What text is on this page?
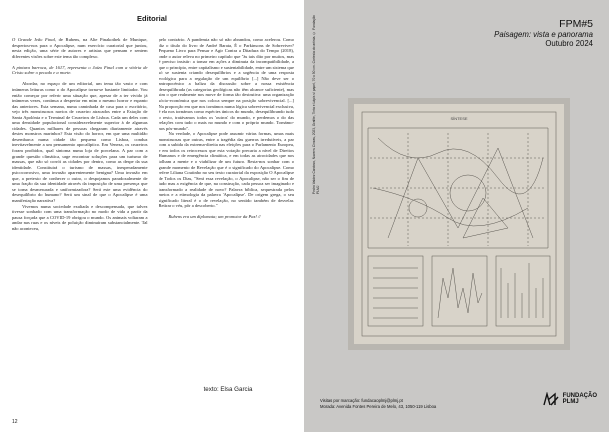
Editorial

O Grande Ivão Final, de Rubens, na Alte Pinakothek de Munique, despertou-nos para o Apocalipse, num exercício curatorial que juntou, nesta edição, uma série de autores e artistas que pensam e sentem diferentes visões sobre este tema tão complexo.

A pintura barroca, de 1617, representa o Juízo Final com a vitória de Cristo sobre o pecado e a morte.

Abordar, no espaço de um editorial, um tema tão vasto e com inúmeras leituras como o do Apocalipse torna-se bastante limitador. Vou então começar por referir uma situação que, apesar de a ter vivido já inúmeras vezes, continua a despertar em mim o mesmo horror e espanto das anteriores. Esta semana, numa caminhada de casa para o escritório, vejo três monstruosos navios de cruzeiro atracados entre a Estação de Santa Apolónia e o Terminal de Cruzeiros de Lisboa. Cada um deles com uma densidade populacional consideravelmente superior à de algumas cidades. Quantos milhares de pessoas chegaram diariamente através destes monstros marinhos? Esta visão do horror, em que uma multidão desembarca numa cidade tão pequena como Lisboa, conduz inevitavelmente a um pensamento apocalíptico. Em Veneza, os cruzeiros foram proibidos, qual sintoma numa loja de porcelana. A par com a grande questão climática, urge encontrar soluções para um turismo de massas, que não só corrói as cidades por dentro, como as despe da sua identidade. Constituirá o turismo de massas, inesperadamente psicocorrosivo, uma invasão aparentemente benigna? Uma invasão em que, a pretexto de conhecer o outro, o despojamos paradoxalmente de uma fração da sua identidade através da imposição de uma presença que se torna desmesurada e uniformizadora? Será este uma evidência do desequilíbrio do humano? Será um sinal de que o Apocalipse é uma manifestação narrativa?

Vivemos numa sociedade exaltada e descompensada, que talvez tivesse sonhado com uma transformação no modo de vida a partir da pausa forçada que a COVID-19 obrigou o mundo. Os animais voltaram a andar nas ruas e os níveis de poluição diminuíram substancialmente. Tal não aconteceu,

pelo contrário. A pandemia não só não abrandou, como acelerou. Como diz o título do livro de André Barata, É o Parkinsons de Sobreviver? Pequeno Livro para Pensar e Agir Contra a Ditadura do Tempo (2018), onde o autor releva no primeiro capítulo que "às tais dito por muitos, mas é preciso insistir: a tomar em ações a diminuta da incompatibilidade, a que o princípio, entre capitalismo e sustentabilidade, entre um sistema que só se sustenta criando desequilíbrios e a urgência de uma resposta ecológica para a regulação de um equilíbrio [...] Não deve ser o antropocénico a baliza da discussão sobre a nossa existência desequilibrada (as categorias geológicas não têm alcance suficiente), mas sim o que realmente nos move de forma tão destrutiva: uma organização sócio-económica que nos coloca sempre na posição sobrevivencial. [...] Na proporção em que nos tornámos numa lógica sobrevivencial exclusiva, é ela nos tornámos como espécies únicos do mundo, desequilibrando tudo o resto, tratávamos todos os 'outros' do mundo, e perdemos o do das relações com tudo o mais no mundo e com o próprio mundo. Tornámo-nos pós-mundo".

Na verdade, o Apocalipse pode assumir várias formas, umas mais monstruosas que outras, entre a tragédia das guerras irredutíveis, a par com a subida da extrema-direita nas eleições para o Parlamento Europeu, e em todos os retrocessos que esta votação precaria a nível de Direitos Humanos e de emergência climática, e em todas as atrocidades que nos tolham a mente e o viabilizar de um futuro. Resta-nos sonhar com o grande momento de Revelação que é o significado do Apocalipse. Como refere Liliana Coutinho no seu texto curatorial da exposição O Apocalipse de Todos os Dias, "Será essa revelação, o Apocalipse, não ser o fim de tudo mas a exigência de que, na construção, cada pessoa ser imaginado e transformado a realidade de novo? Palavra bíblica, sequestrada pelos meios e a etimologia da palavra 'Apocalipse'. De origem grega, o seu significado literal é o de revelação, no sentido também de desvelar. Retirar o véu, pôr a descoberto."

Rubens era um diplomata; um promotor da Paz! //

texto: Elsa Garcia
12
Pedro Valdez Cardoso, Nuvens Cinzas, 2023, Grafite, Tinta e Lápis s/ papel, 70 x 50 cm. Cortesia do artista. © Fundação PLMJ
FPM#5
Paisagem: vista e panorama
Outubro 2024
SÍNTESE
Visitas por marcação: fundacaoplmj@plmj.pt
Morada: Avenida Fontes Pereira de Melo, 43, 1050-119 Lisboa
FUNDAÇÃO
PLMJ
